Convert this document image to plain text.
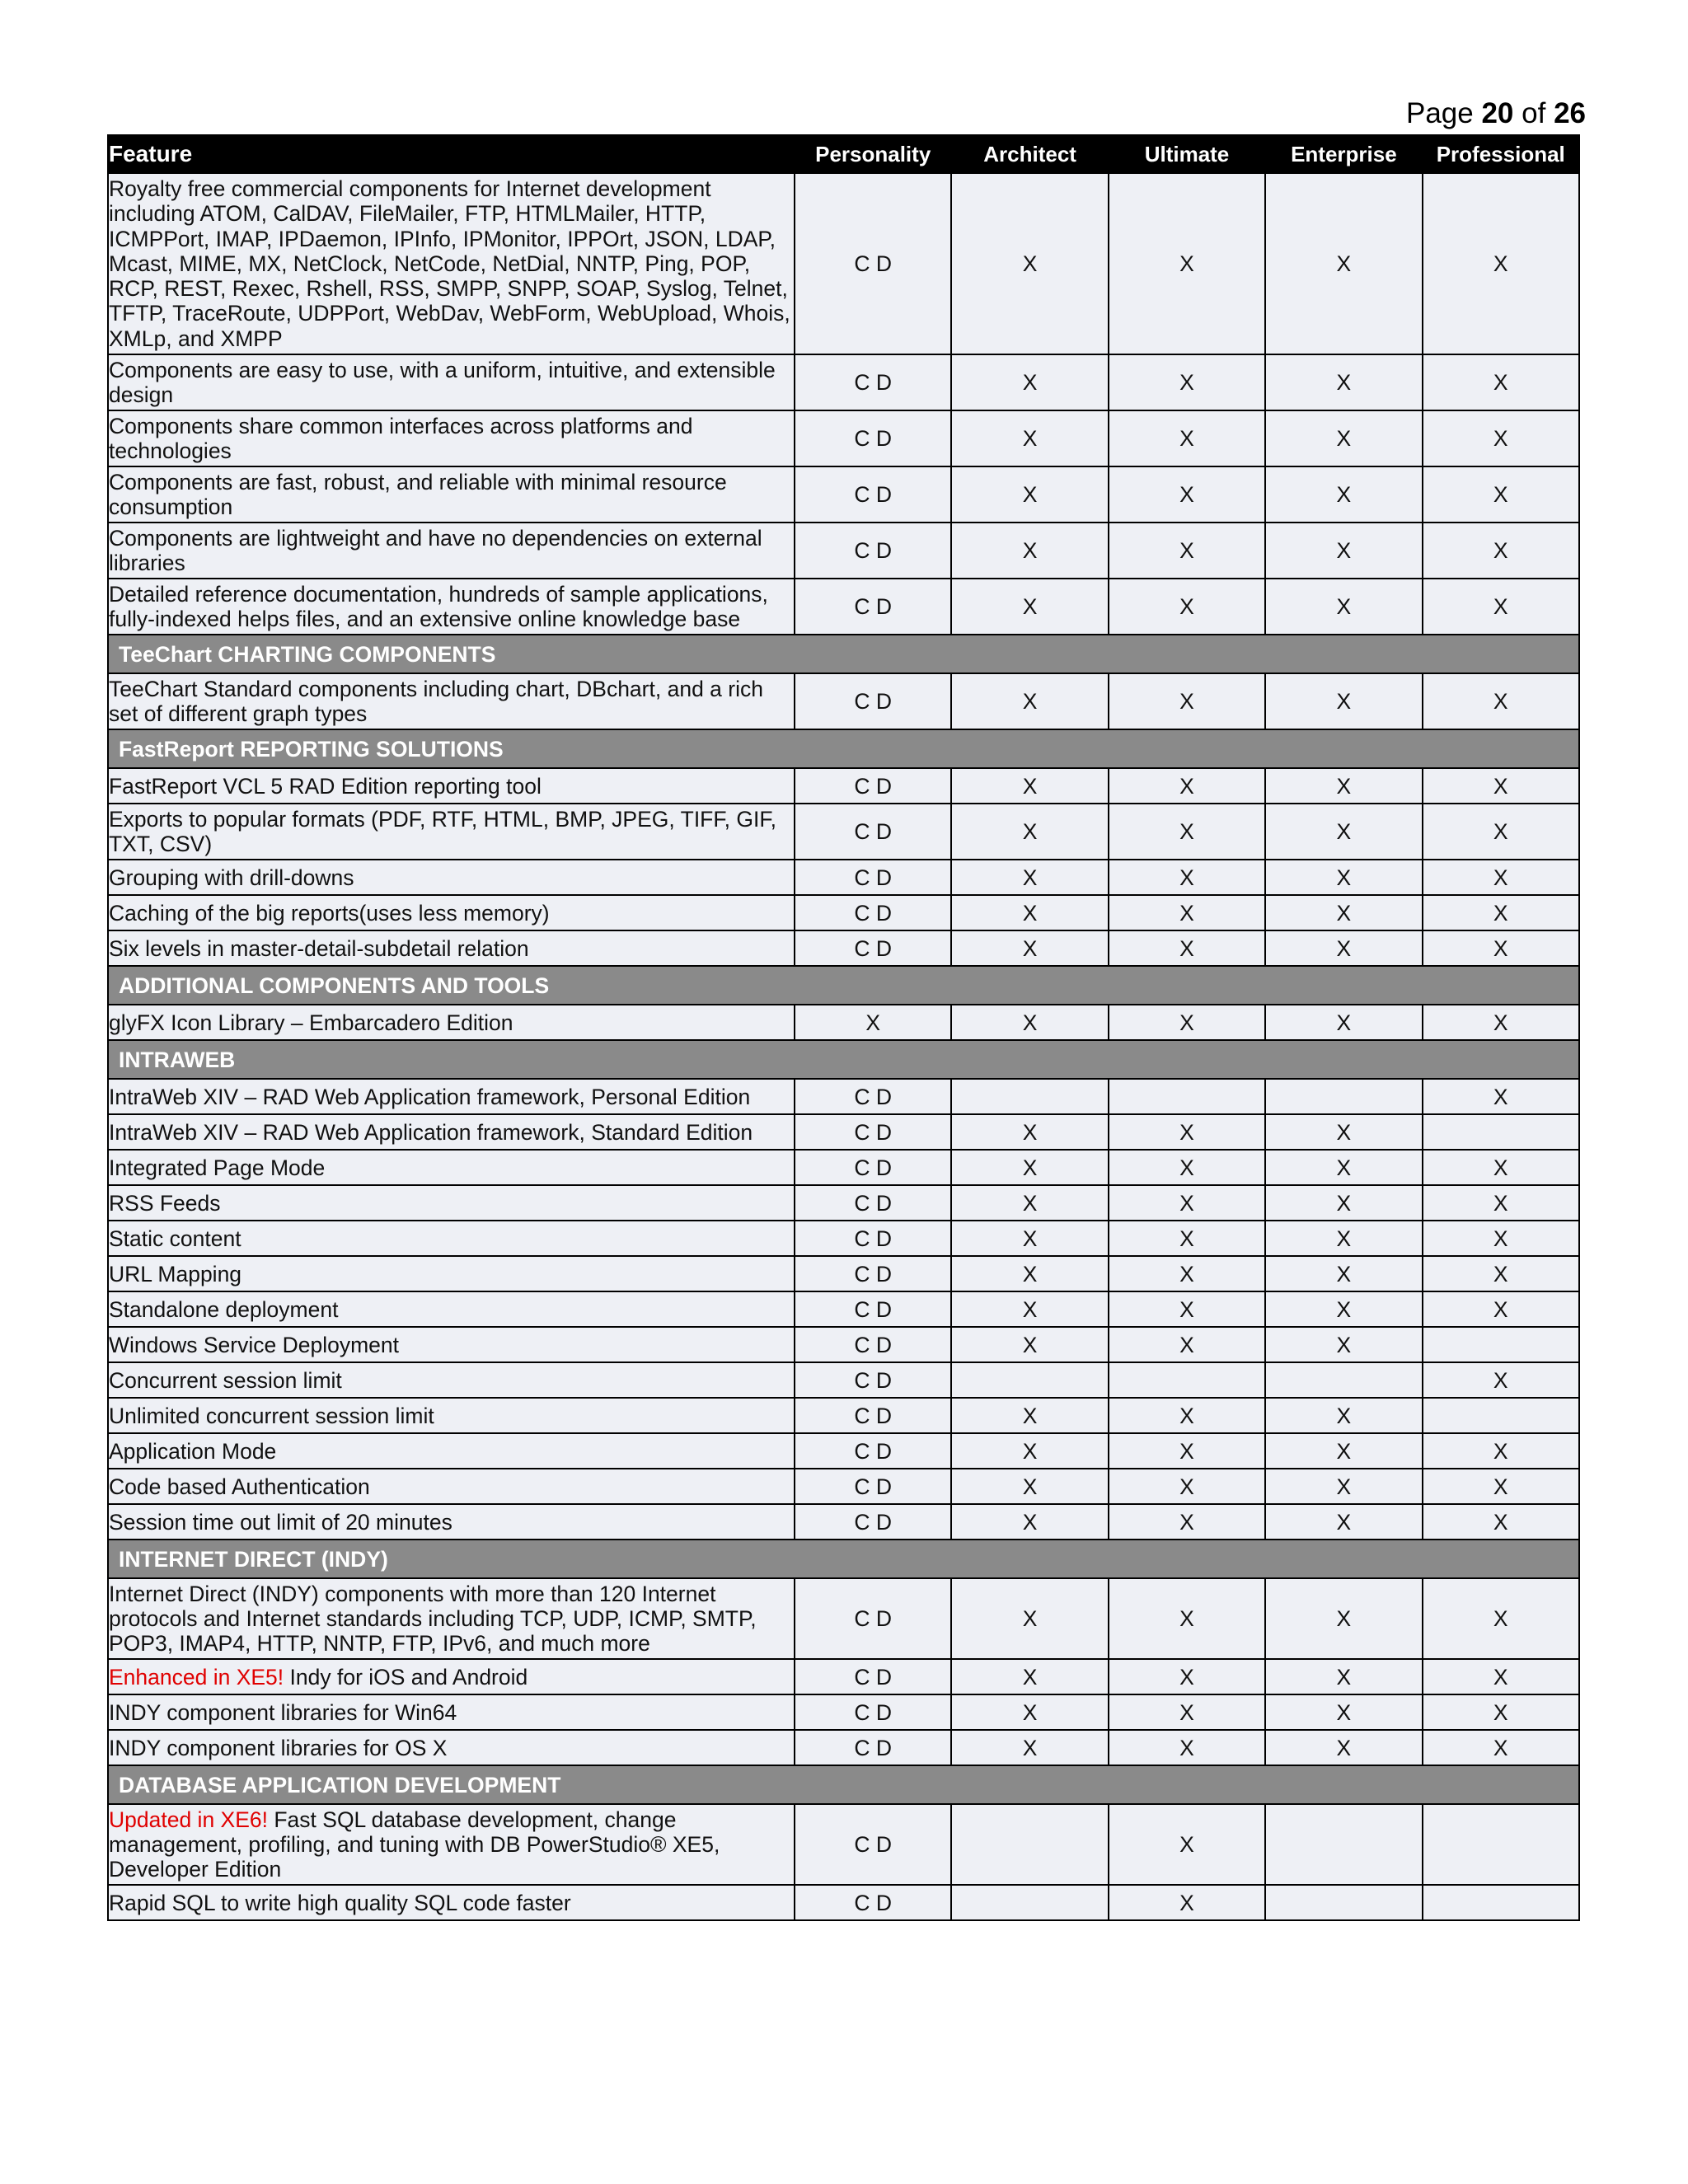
Page 20 of 26
Feature	Personality	Architect	Ultimate	Enterprise	Professional
Royalty free commercial components for Internet development including ATOM, CalDAV, FileMailer, FTP, HTMLMailer, HTTP, ICMPPort, IMAP, IPDaemon, IPInfo, IPMonitor, IPPOrt, JSON, LDAP, Mcast, MIME, MX, NetClock, NetCode, NetDial, NNTP, Ping, POP, RCP, REST, Rexec, Rshell, RSS, SMPP, SNPP, SOAP, Syslog, Telnet, TFTP, TraceRoute, UDPPort, WebDav, WebForm, WebUpload, Whois, XMLp, and XMPP	C D	X	X	X	X
Components are easy to use, with a uniform, intuitive, and extensible design	C D	X	X	X	X
Components share common interfaces across platforms and technologies	C D	X	X	X	X
Components are fast, robust, and reliable with minimal resource consumption	C D	X	X	X	X
Components are lightweight and have no dependencies on external libraries	C D	X	X	X	X
Detailed reference documentation, hundreds of sample applications, fully-indexed helps files, and an extensive online knowledge base	C D	X	X	X	X
TeeChart CHARTING COMPONENTS					
TeeChart Standard components including chart, DBchart, and a rich set of different graph types	C D	X	X	X	X
FastReport REPORTING SOLUTIONS					
FastReport VCL 5 RAD Edition reporting tool	C D	X	X	X	X
Exports to popular formats (PDF, RTF, HTML, BMP, JPEG, TIFF, GIF, TXT, CSV)	C D	X	X	X	X
Grouping with drill-downs	C D	X	X	X	X
Caching of the big reports(uses less memory)	C D	X	X	X	X
Six levels in master-detail-subdetail relation	C D	X	X	X	X
ADDITIONAL COMPONENTS AND TOOLS					
glyFX Icon Library – Embarcadero Edition	X	X	X	X	X
INTRAWEB					
IntraWeb XIV – RAD Web Application framework, Personal Edition	C D				X
IntraWeb XIV – RAD Web Application framework, Standard Edition	C D	X	X	X	
Integrated Page Mode	C D	X	X	X	X
RSS Feeds	C D	X	X	X	X
Static content	C D	X	X	X	X
URL Mapping	C D	X	X	X	X
Standalone deployment	C D	X	X	X	X
Windows Service Deployment	C D	X	X	X	
Concurrent session limit	C D				X
Unlimited concurrent session limit	C D	X	X	X	
Application Mode	C D	X	X	X	X
Code based Authentication	C D	X	X	X	X
Session time out limit of 20 minutes	C D	X	X	X	X
INTERNET DIRECT (INDY)					
Internet Direct (INDY) components with more than 120 Internet protocols and Internet standards including TCP, UDP, ICMP, SMTP, POP3, IMAP4, HTTP, NNTP, FTP, IPv6, and much more	C D	X	X	X	X
Enhanced in XE5! Indy for iOS and Android	C D	X	X	X	X
INDY component libraries for Win64	C D	X	X	X	X
INDY component libraries for OS X	C D	X	X	X	X
DATABASE APPLICATION DEVELOPMENT					
Updated in XE6! Fast SQL database development, change management, profiling, and tuning with DB PowerStudio® XE5, Developer Edition	C D		X		
Rapid SQL to write high quality SQL code faster	C D		X		
